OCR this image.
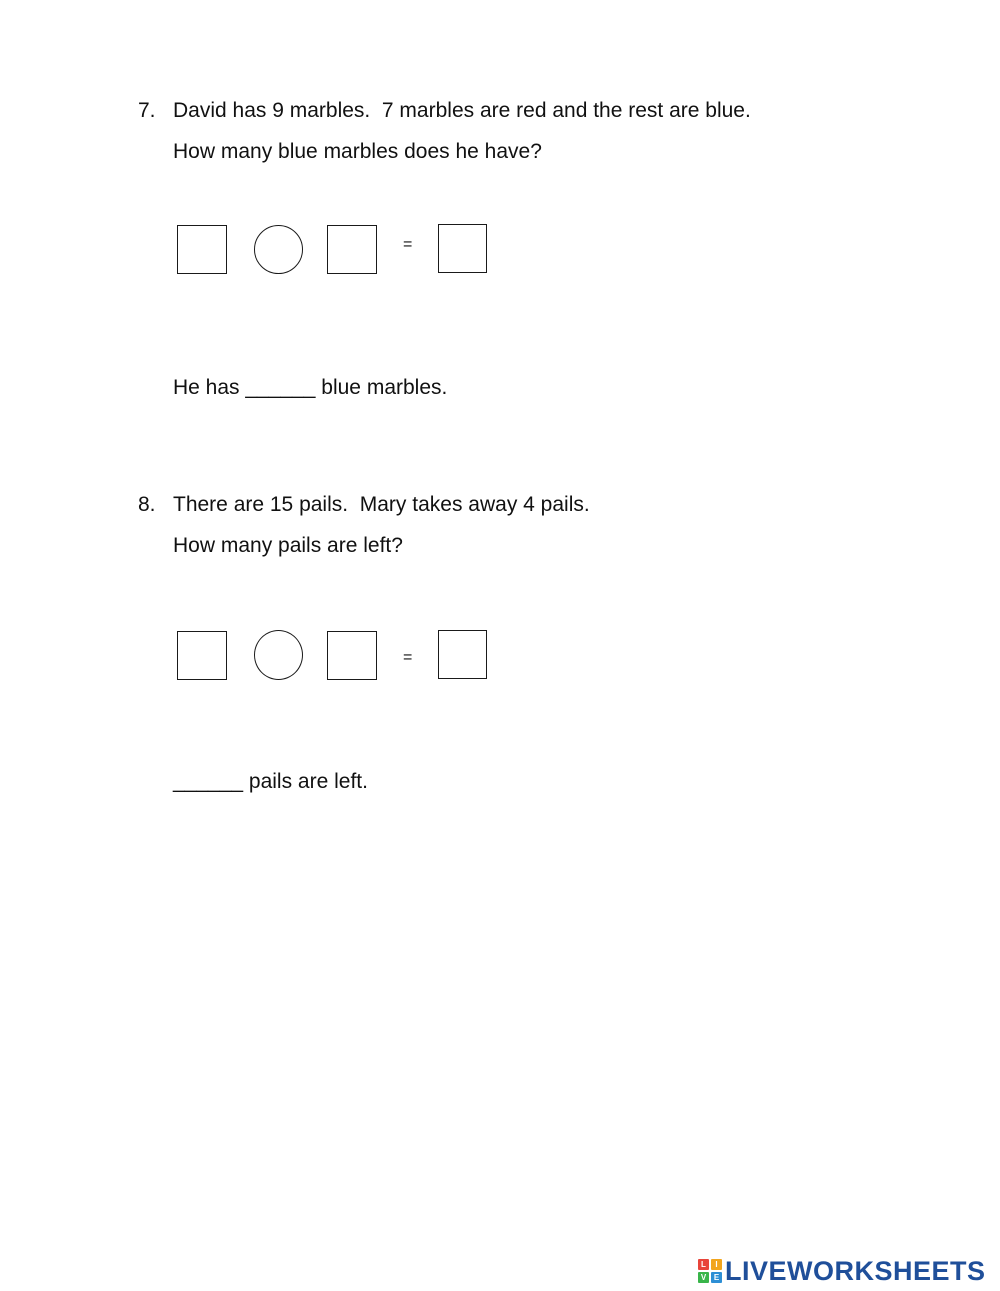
7. David has 9 marbles.  7 marbles are red and the rest are blue.
How many blue marbles does he have?
=
He has ______ blue marbles.
8. There are 15 pails.  Mary takes away 4 pails.
How many pails are left?
=
______ pails are left.
L	I
V E LIVEWORKSHEETS
